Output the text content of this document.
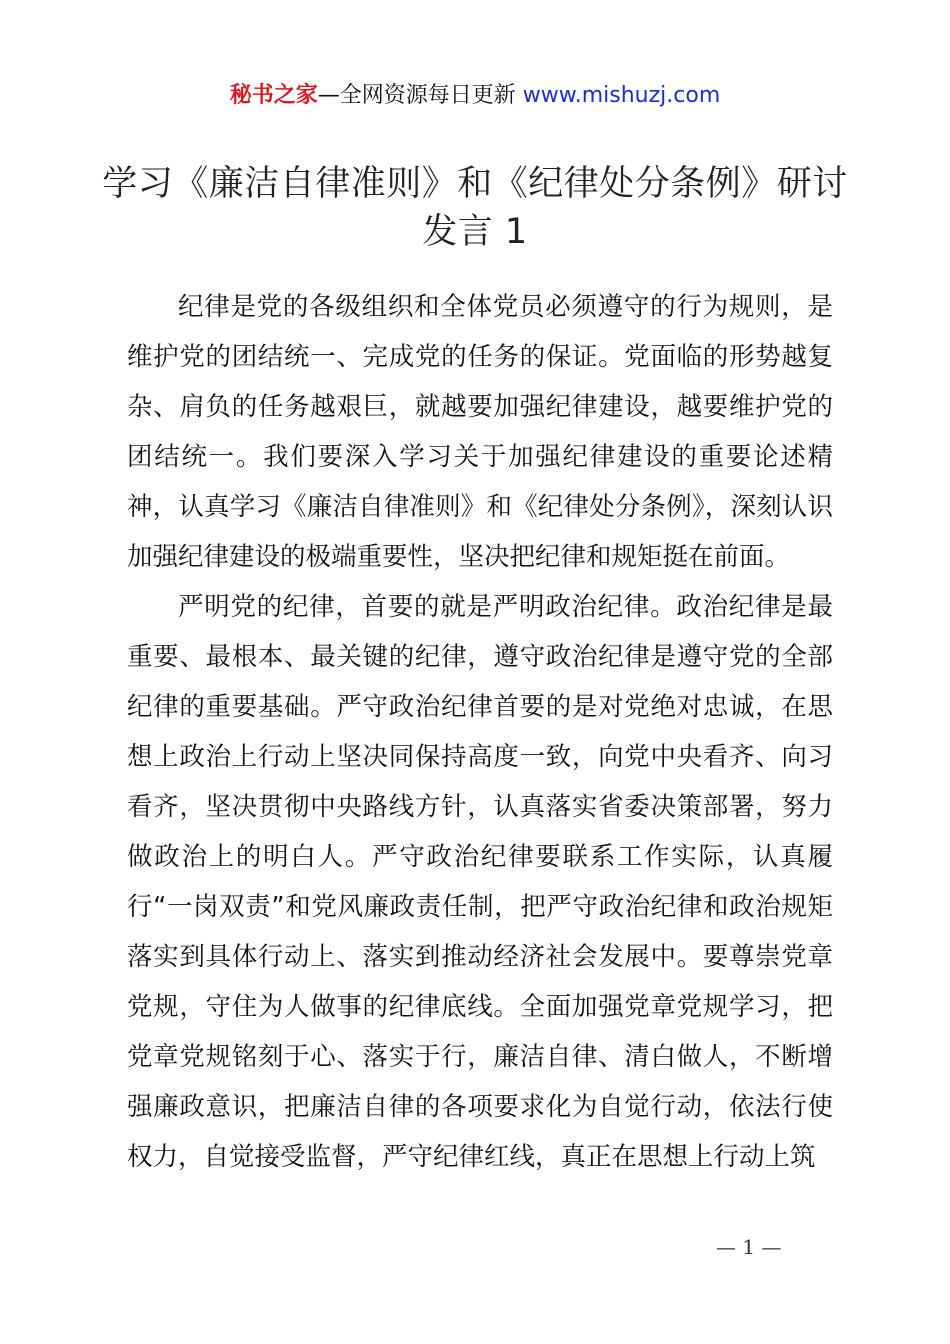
秘书之家—全网资源每日更新 www.mishuzj.com
学习《廉洁自律准则》和《纪律处分条例》研讨发言 1

纪律是党的各级组织和全体党员必须遵守的行为规则，是维护党的团结统一、完成党的任务的保证。党面临的形势越复杂、肩负的任务越艰巨，就越要加强纪律建设，越要维护党的团结统一。我们要深入学习关于加强纪律建设的重要论述精神，认真学习《廉洁自律准则》和《纪律处分条例》，深刻认识加强纪律建设的极端重要性，坚决把纪律和规矩挺在前面。

严明党的纪律，首要的就是严明政治纪律。政治纪律是最重要、最根本、最关键的纪律，遵守政治纪律是遵守党的全部纪律的重要基础。严守政治纪律首要的是对党绝对忠诚，在思想上政治上行动上坚决同保持高度一致，向党中央看齐、向习看齐，坚决贯彻中央路线方针，认真落实省委决策部署，努力做政治上的明白人。严守政治纪律要联系工作实际，认真履行“一岗双责”和党风廉政责任制，把严守政治纪律和政治规矩落实到具体行动上、落实到推动经济社会发展中。要尊崇党章党规，守住为人做事的纪律底线。全面加强党章党规学习，把党章党规铭刻于心、落实于行，廉洁自律、清白做人，不断增强廉政意识，把廉洁自律的各项要求化为自觉行动，依法行使权力，自觉接受监督，严守纪律红线，真正在思想上行动上筑

— 1 —
